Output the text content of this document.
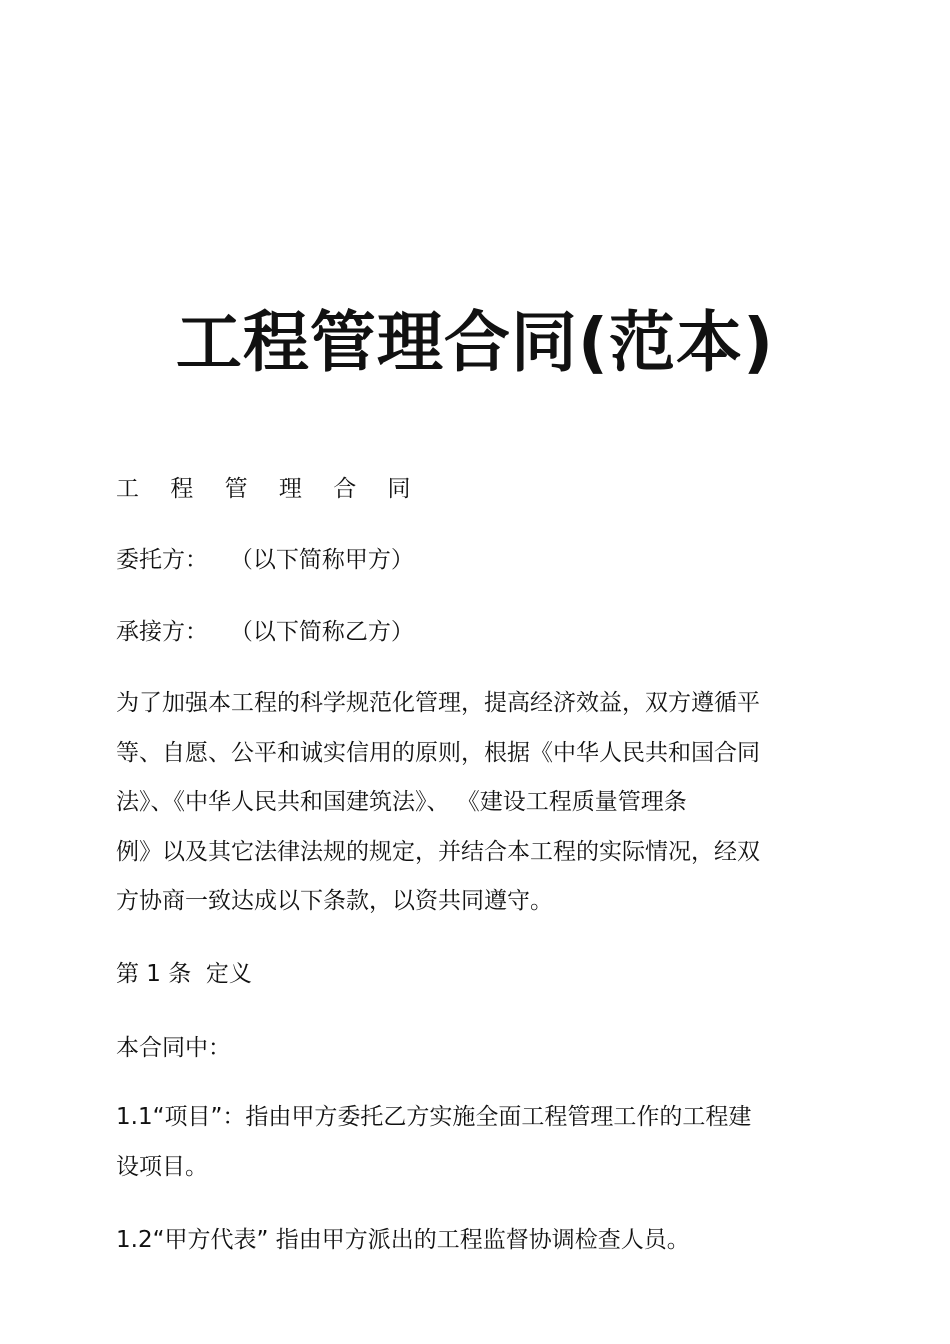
工程管理合同(范本)

工 程 管 理 合 同

委托方：   （以下简称甲方）

承接方：   （以下简称乙方）

为了加强本工程的科学规范化管理，提高经济效益，双方遵循平
等、自愿、公平和诚实信用的原则，根据《中华人民共和国合同
法》、《中华人民共和国建筑法》、 《建设工程质量管理条
例》以及其它法律法规的规定，并结合本工程的实际情况，经双
方协商一致达成以下条款，以资共同遵守。

第 1 条  定义

本合同中：

1.1“项目”：指由甲方委托乙方实施全面工程管理工作的工程建
设项目。

1.2“甲方代表” 指由甲方派出的工程监督协调检查人员。
